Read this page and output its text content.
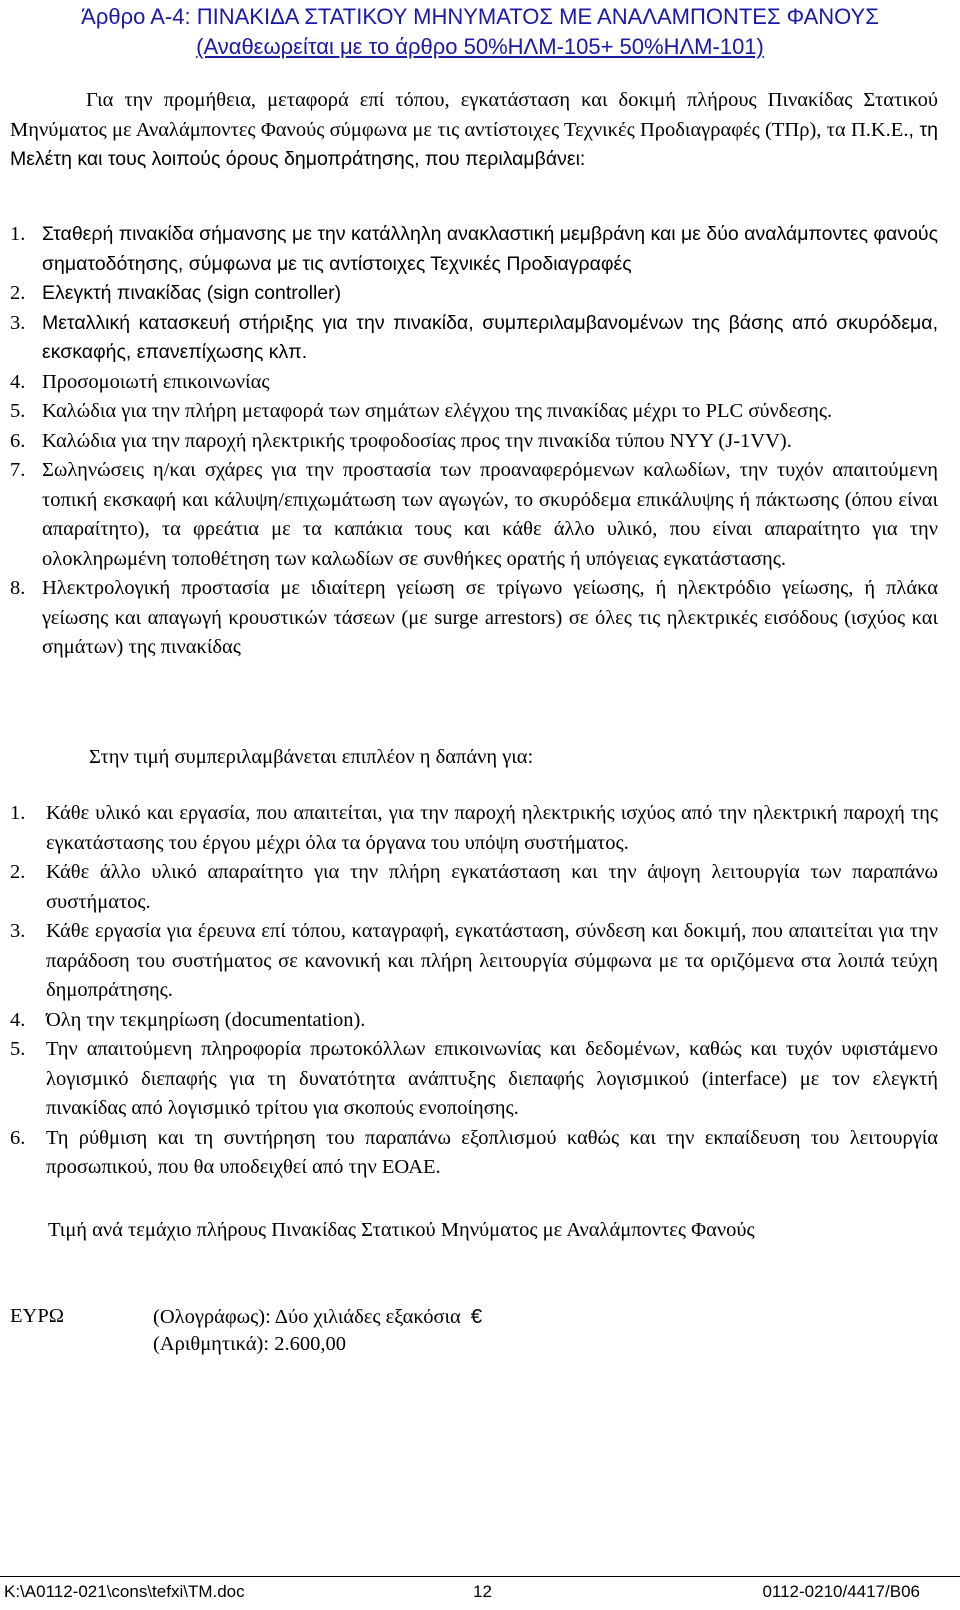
Άρθρο Α-4: ΠΙΝΑΚΙΔΑ ΣΤΑΤΙΚΟΥ ΜΗΝΥΜΑΤΟΣ ΜΕ ΑΝΑΛΑΜΠΟΝΤΕΣ ΦΑΝΟΥΣ
(Αναθεωρείται με το άρθρο 50%ΗΛΜ-105+ 50%ΗΛΜ-101)
Για την προμήθεια, μεταφορά επί τόπου, εγκατάσταση και δοκιμή πλήρους Πινακίδας Στατικού Μηνύματος με Αναλάμποντες Φανούς σύμφωνα με τις αντίστοιχες Τεχνικές Προδιαγραφές (ΤΠρ), τα Π.Κ.Ε., τη Μελέτη και τους λοιπούς όρους δημοπράτησης, που περιλαμβάνει:
1. Σταθερή πινακίδα σήμανσης με την κατάλληλη ανακλαστική μεμβράνη και με δύο αναλάμποντες φανούς σηματοδότησης, σύμφωνα με τις αντίστοιχες Τεχνικές Προδιαγραφές
2. Ελεγκτή πινακίδας (sign controller)
3. Μεταλλική κατασκευή στήριξης για την πινακίδα, συμπεριλαμβανομένων της βάσης από σκυρόδεμα, εκσκαφής, επανεπίχωσης κλπ.
4. Προσομοιωτή επικοινωνίας
5. Καλώδια για την πλήρη μεταφορά των σημάτων ελέγχου της πινακίδας μέχρι το PLC σύνδεσης.
6. Καλώδια για την παροχή ηλεκτρικής τροφοδοσίας προς την πινακίδα τύπου NYY (J-1VV).
7. Σωληνώσεις η/και σχάρες για την προστασία των προαναφερόμενων καλωδίων, την τυχόν απαιτούμενη τοπική εκσκαφή και κάλυψη/επιχωμάτωση των αγωγών, το σκυρόδεμα επικάλυψης ή πάκτωσης (όπου είναι απαραίτητο), τα φρεάτια με τα καπάκια τους και κάθε άλλο υλικό, που είναι απαραίτητο για την ολοκληρωμένη τοποθέτηση των καλωδίων σε συνθήκες ορατής ή υπόγειας εγκατάστασης.
8. Ηλεκτρολογική προστασία με ιδιαίτερη γείωση σε τρίγωνο γείωσης, ή ηλεκτρόδιο γείωσης, ή πλάκα γείωσης και απαγωγή κρουστικών τάσεων (με surge arrestors) σε όλες τις ηλεκτρικές εισόδους (ισχύος και σημάτων) της πινακίδας
Στην τιμή συμπεριλαμβάνεται επιπλέον η δαπάνη για:
1. Κάθε υλικό και εργασία, που απαιτείται, για την παροχή ηλεκτρικής ισχύος από την ηλεκτρική παροχή της εγκατάστασης του έργου μέχρι όλα τα όργανα του υπόψη συστήματος.
2. Κάθε άλλο υλικό απαραίτητο για την πλήρη εγκατάσταση και την άψογη λειτουργία των παραπάνω συστήματος.
3. Κάθε εργασία για έρευνα επί τόπου, καταγραφή, εγκατάσταση, σύνδεση και δοκιμή, που απαιτείται για την παράδοση του συστήματος σε κανονική και πλήρη λειτουργία σύμφωνα με τα οριζόμενα στα λοιπά τεύχη δημοπράτησης.
4. Όλη την τεκμηρίωση (documentation).
5. Την απαιτούμενη πληροφορία πρωτοκόλλων επικοινωνίας και δεδομένων, καθώς και τυχόν υφιστάμενο λογισμικό διεπαφής για τη δυνατότητα ανάπτυξης διεπαφής λογισμικού (interface) με τον ελεγκτή πινακίδας από λογισμικό τρίτου για σκοπούς ενοποίησης.
6. Τη ρύθμιση και τη συντήρηση του παραπάνω εξοπλισμού καθώς και την εκπαίδευση του λειτουργία προσωπικού, που θα υποδειχθεί από την ΕΟΑΕ.
Τιμή ανά τεμάχιο πλήρους Πινακίδας Στατικού Μηνύματος με Αναλάμποντες Φανούς
ΕΥΡΩ	(Ολογράφως): Δύο χιλιάδες εξακόσια €
(Αριθμητικά): 2.600,00
K:\A0112-021\cons\tefxi\TM.doc	12	0112-0210/4417/B06
